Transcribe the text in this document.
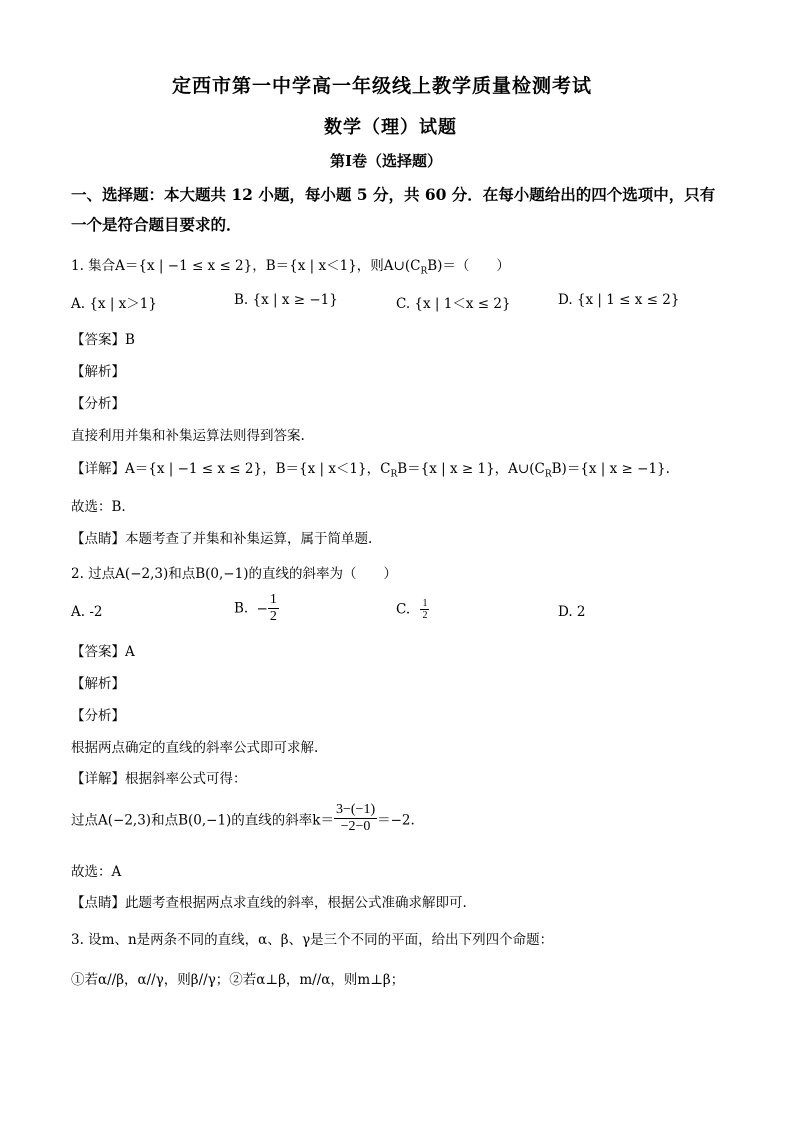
定西市第一中学高一年级线上教学质量检测考试
数学（理）试题
第Ⅰ卷（选择题）
一、选择题：本大题共 12 小题，每小题 5 分，共 60 分．在每小题给出的四个选项中，只有
一个是符合题目要求的．
1. 集合A＝{x | −1 ≤ x ≤ 2}，B＝{x | x＜1}，则$A\cup(C_RB)=$（　　）
A. {x | x＞1}	B. {x | x ≥ −1}	C. {x | 1＜x ≤ 2}	D. {x | 1 ≤ x ≤ 2}
【答案】B
【解析】
【分析】
直接利用并集和补集运算法则得到答案.
【详解】A＝{x | −1 ≤ x ≤ 2}，B＝{x | x＜1}，$C_RB=\{x$ | x ≥ 1}，$A\cup(C_RB)=\{x$ | x ≥ −1}.
故选：B.
【点睛】本题考查了并集和补集运算，属于简单题.
2. 过点A(−2,3)和点B(0,−1)的直线的斜率为（　　）
A. -2	B. − $\frac{1}{2}$	C. $\frac{1}{2}$	D. 2
【答案】A
【解析】
【分析】
根据两点确定的直线的斜率公式即可求解.
【详解】根据斜率公式可得：
过点A(−2,3)和点B(0,−1)的直线的斜率$k= \frac{3-(-1)}{-2-0} =-2$.
故选：A
【点睛】此题考查根据两点求直线的斜率，根据公式准确求解即可.
3. 设m、n是两条不同的直线，α、β、γ是三个不同的平面，给出下列四个命题：
①若α//β，α//γ，则β//γ；②若α⊥β，m//α，则m⊥β；
